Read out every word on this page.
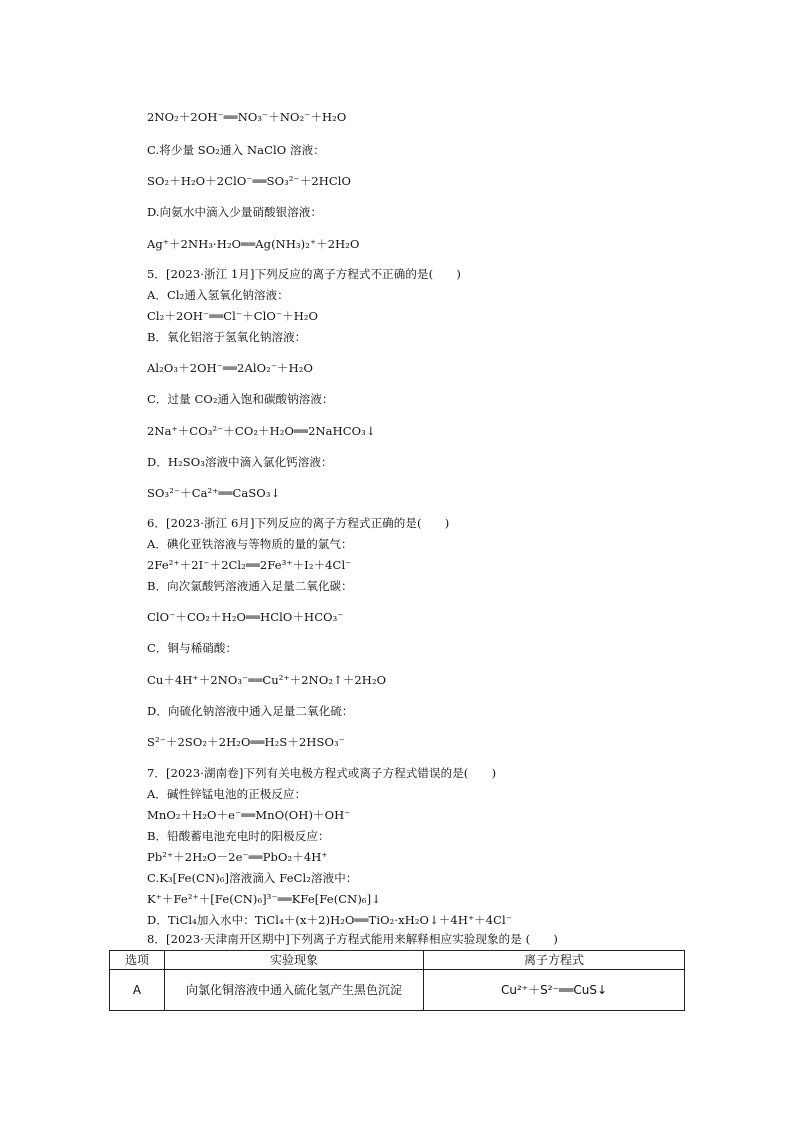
2NO₂＋2OH⁻══NO₃⁻＋NO₂⁻＋H₂O
C.将少量 SO₂通入 NaClO 溶液：
SO₂＋H₂O＋2ClO⁻══SO₃²⁻＋2HClO
D.向氨水中滴入少量硝酸银溶液：
Ag⁺＋2NH₃·H₂O══Ag(NH₃)₂⁺＋2H₂O
5．[2023·浙江 1月]下列反应的离子方程式不正确的是(　　)
A．Cl₂通入氢氧化钠溶液：
Cl₂＋2OH⁻══Cl⁻＋ClO⁻＋H₂O
B．氧化铝溶于氢氧化钠溶液：
Al₂O₃＋2OH⁻══2AlO₂⁻＋H₂O
C．过量 CO₂通入饱和碳酸钠溶液：
2Na⁺＋CO₃²⁻＋CO₂＋H₂O══2NaHCO₃↓
D．H₂SO₃溶液中滴入氯化钙溶液：
SO₃²⁻＋Ca²⁺══CaSO₃↓
6．[2023·浙江 6月]下列反应的离子方程式正确的是(　　)
A．碘化亚铁溶液与等物质的量的氯气：
2Fe²⁺＋2I⁻＋2Cl₂══2Fe³⁺＋I₂＋4Cl⁻
B．向次氯酸钙溶液通入足量二氧化碳：
ClO⁻＋CO₂＋H₂O══HClO＋HCO₃⁻
C．铜与稀硝酸：
Cu＋4H⁺＋2NO₃⁻══Cu²⁺＋2NO₂↑＋2H₂O
D．向硫化钠溶液中通入足量二氧化硫：
S²⁻＋2SO₂＋2H₂O══H₂S＋2HSO₃⁻
7．[2023·湖南卷]下列有关电极方程式或离子方程式错误的是(　　)
A．碱性锌锰电池的正极反应：
MnO₂＋H₂O＋e⁻══MnO(OH)＋OH⁻
B．铅酸蓄电池充电时的阳极反应：
Pb²⁺＋2H₂O－2e⁻══PbO₂＋4H⁺
C.K₃[Fe(CN)₆]溶液滴入 FeCl₂溶液中：
K⁺＋Fe²⁺＋[Fe(CN)₆]³⁻══KFe[Fe(CN)₆]↓
D．TiCl₄加入水中：TiCl₄＋(x＋2)H₂O══TiO₂·xH₂O↓＋4H⁺＋4Cl⁻
8．[2023·天津南开区期中]下列离子方程式能用来解释相应实验现象的是 (　　)
选项	实验现象	离子方程式
A	向氯化铜溶液中通入硫化氢产生黑色沉淀	Cu²⁺＋S²⁻══CuS↓
